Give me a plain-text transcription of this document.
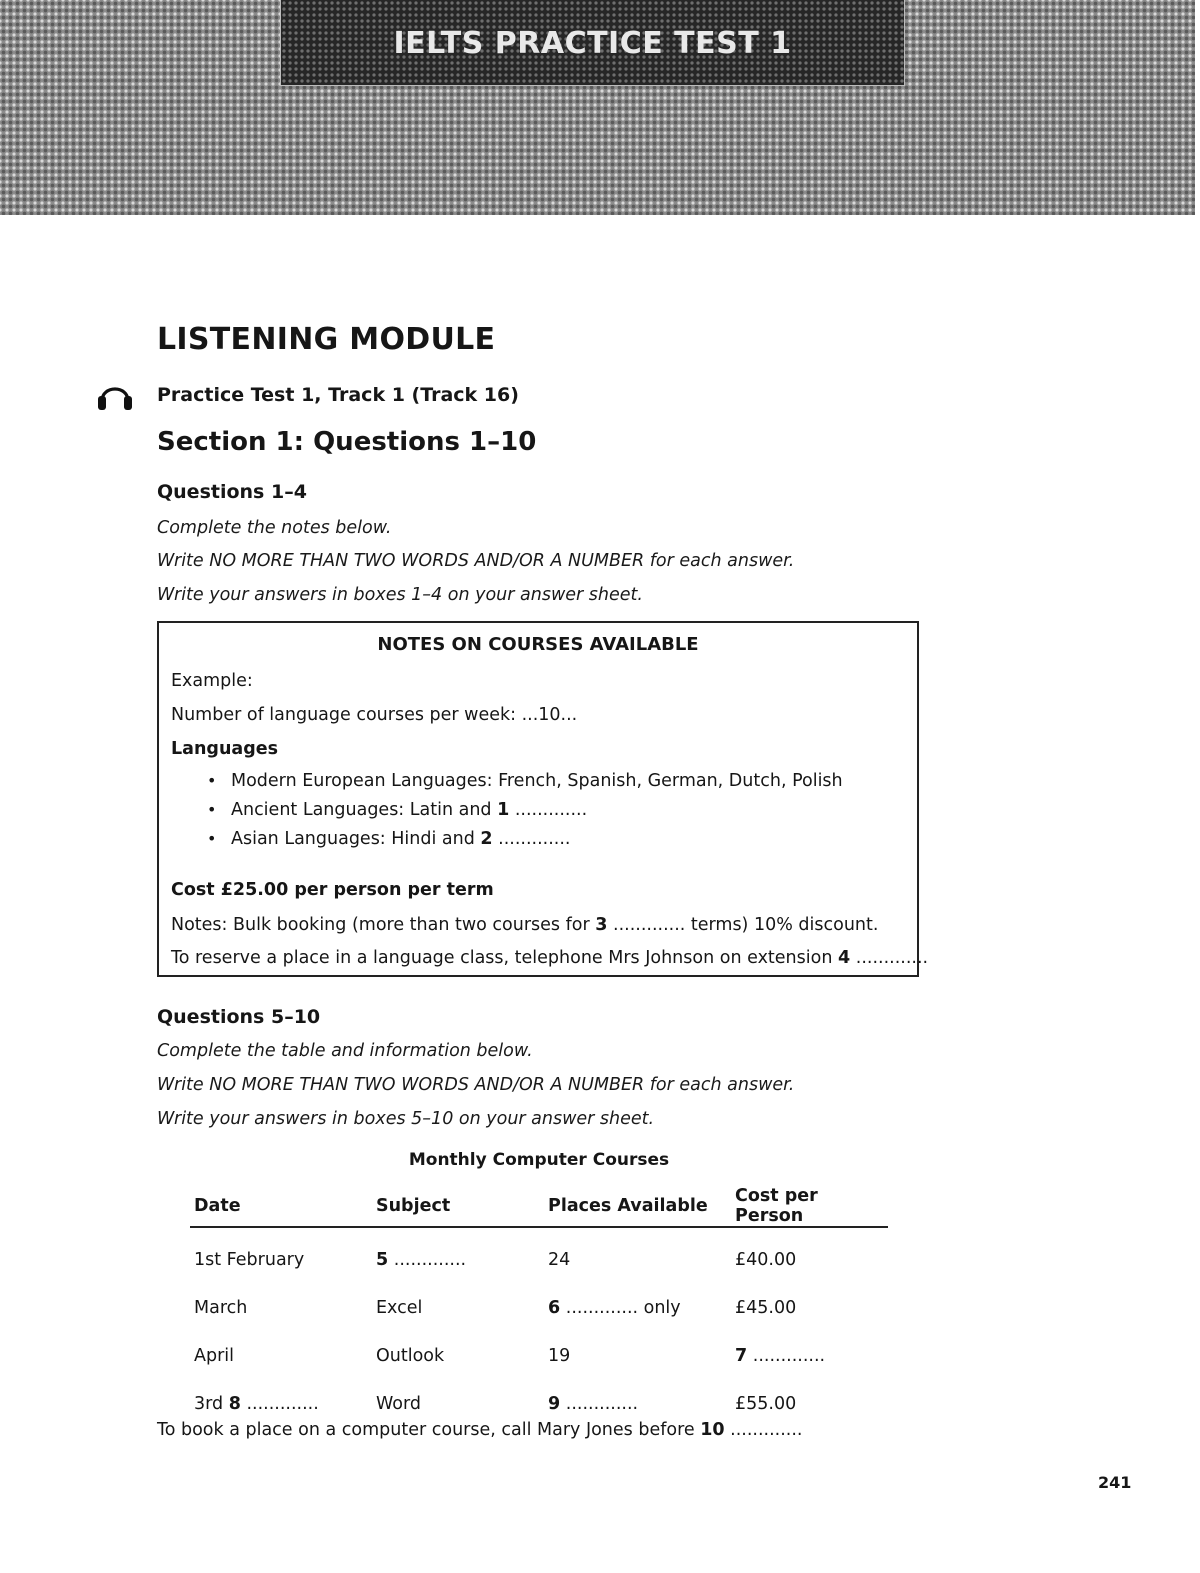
IELTS PRACTICE TEST 1
LISTENING MODULE

Practice Test 1, Track 1 (Track 16)

Section 1: Questions 1–10

Questions 1–4

Complete the notes below.

Write NO MORE THAN TWO WORDS AND/OR A NUMBER for each answer.

Write your answers in boxes 1–4 on your answer sheet.

NOTES ON COURSES AVAILABLE

Example:

Number of language courses per week: ...10...

Languages

• Modern European Languages: French, Spanish, German, Dutch, Polish
• Ancient Languages: Latin and 1 .............
• Asian Languages: Hindi and 2 .............

Cost £25.00 per person per term

Notes: Bulk booking (more than two courses for 3 ............. terms) 10% discount.

To reserve a place in a language class, telephone Mrs Johnson on extension 4 .............

Questions 5–10

Complete the table and information below.

Write NO MORE THAN TWO WORDS AND/OR A NUMBER for each answer.

Write your answers in boxes 5–10 on your answer sheet.

Monthly Computer Courses

Date	Subject	Places Available	Cost per Person
1st February	5 .............	24	£40.00
March	Excel	6 ............. only	£45.00
April	Outlook	19	7 .............
3rd 8 .............	Word	9 .............	£55.00

To book a place on a computer course, call Mary Jones before 10 .............

241
